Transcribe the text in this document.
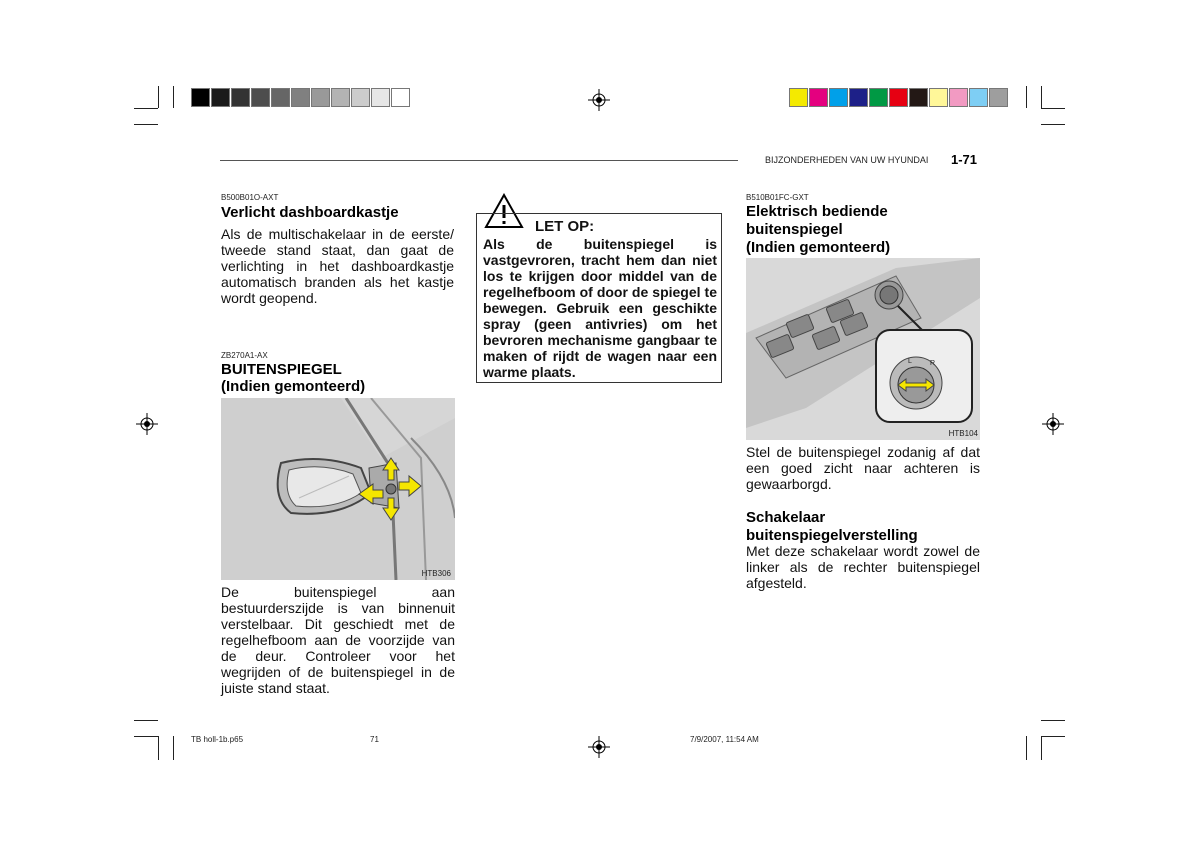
BIJZONDERHEDEN VAN UW HYUNDAI 1-71
B500B01O-AXT
Verlicht dashboardkastje
Als de multischakelaar in de eerste/ tweede stand staat, dan gaat de verlichting in het dashboardkastje automatisch branden als het kastje wordt geopend.
ZB270A1-AX
BUITENSPIEGEL
(Indien gemonteerd)
HTB306
De buitenspiegel aan bestuurderszijde is van binnenuit verstelbaar. Dit geschiedt met de regelhefboom aan de voorzijde van de deur. Controleer voor het wegrijden of de buitenspiegel in de juiste stand staat.
LET OP:
Als de buitenspiegel is vastgevroren, tracht hem dan niet los te krijgen door middel van de regelhefboom of door de spiegel te bewegen. Gebruik een geschikte spray (geen antivries) om het bevroren mechanisme gangbaar te maken of rijdt de wagen naar een warme plaats.
B510B01FC-GXT
Elektrisch bediende
buitenspiegel
(Indien gemonteerd)
L	R
HTB104
Stel de buitenspiegel zodanig af dat een goed zicht naar achteren is gewaarborgd.
Schakelaar
buitenspiegelverstelling
Met deze schakelaar wordt zowel de linker als de rechter buitenspiegel afgesteld.
TB holl-1b.p65	71	7/9/2007, 11:54 AM
